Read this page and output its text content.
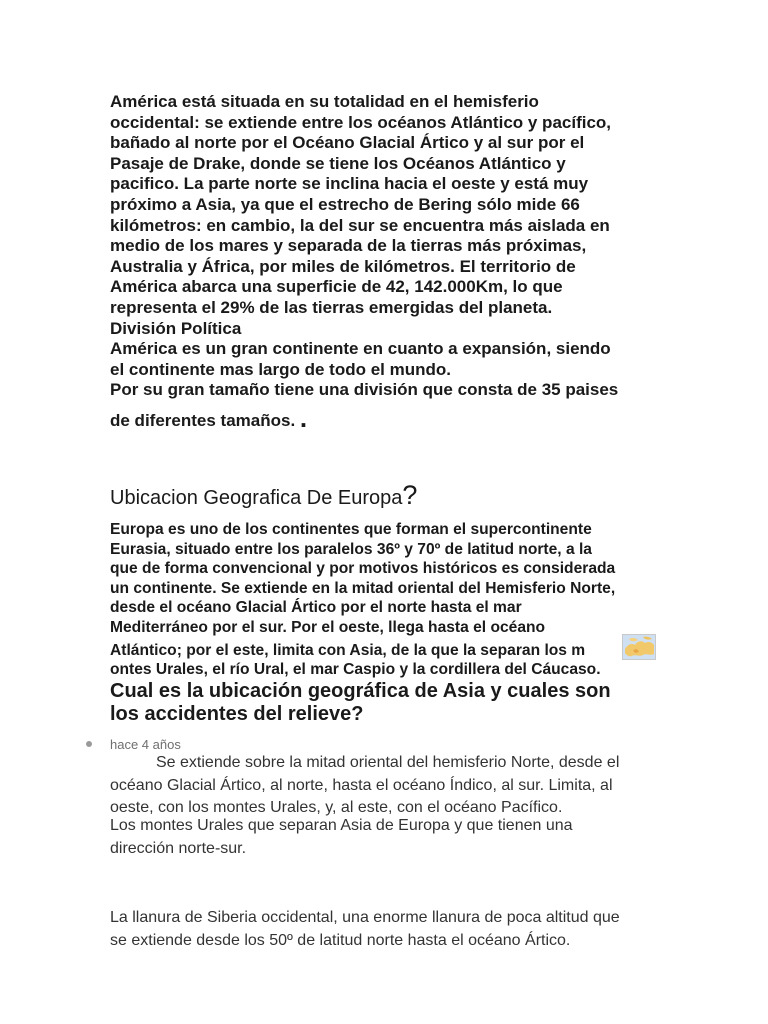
América está situada en su totalidad en el hemisferio
occidental: se extiende entre los océanos Atlántico y pacífico,
bañado al norte por el Océano Glacial Ártico y al sur por el
Pasaje de Drake, donde se tiene los Océanos Atlántico y
pacifico. La parte norte se inclina hacia el oeste y está muy
próximo a Asia, ya que el estrecho de Bering sólo mide 66
kilómetros: en cambio, la del sur se encuentra más aislada en
medio de los mares y separada de la tierras más próximas,
Australia y África, por miles de kilómetros. El territorio de
América abarca una superficie de 42, 142.000Km, lo que
representa el 29% de las tierras emergidas del planeta.
División Política
América es un gran continente en cuanto a expansión, siendo
el continente mas largo de todo el mundo.
Por su gran tamaño tiene una división que consta de 35 paises
de diferentes tamaños. .
Ubicacion Geografica De Europa?
Europa es uno de los continentes que forman el supercontinente
Eurasia, situado entre los paralelos 36º y 70º de latitud norte, a la
que de forma convencional y por motivos históricos es considerada
un continente. Se extiende en la mitad oriental del Hemisferio Norte,
desde el océano Glacial Ártico por el norte hasta el mar
Mediterráneo por el sur. Por el oeste, llega hasta el océano
Atlántico; por el este, limita con Asia, de la que la separan los m
ontes Urales, el río Ural, el mar Caspio y la cordillera del Cáucaso.
Cual es la ubicación geográfica de Asia y cuales son
los accidentes del relieve?
hace 4 años
Se extiende sobre la mitad oriental del hemisferio Norte, desde el
océano Glacial Ártico, al norte, hasta el océano Índico, al sur. Limita, al
oeste, con los montes Urales, y, al este, con el océano Pacífico.
Los montes Urales que separan Asia de Europa y que tienen una
dirección norte-sur.
La llanura de Siberia occidental, una enorme llanura de poca altitud que
se extiende desde los 50º de latitud norte hasta el océano Ártico.
